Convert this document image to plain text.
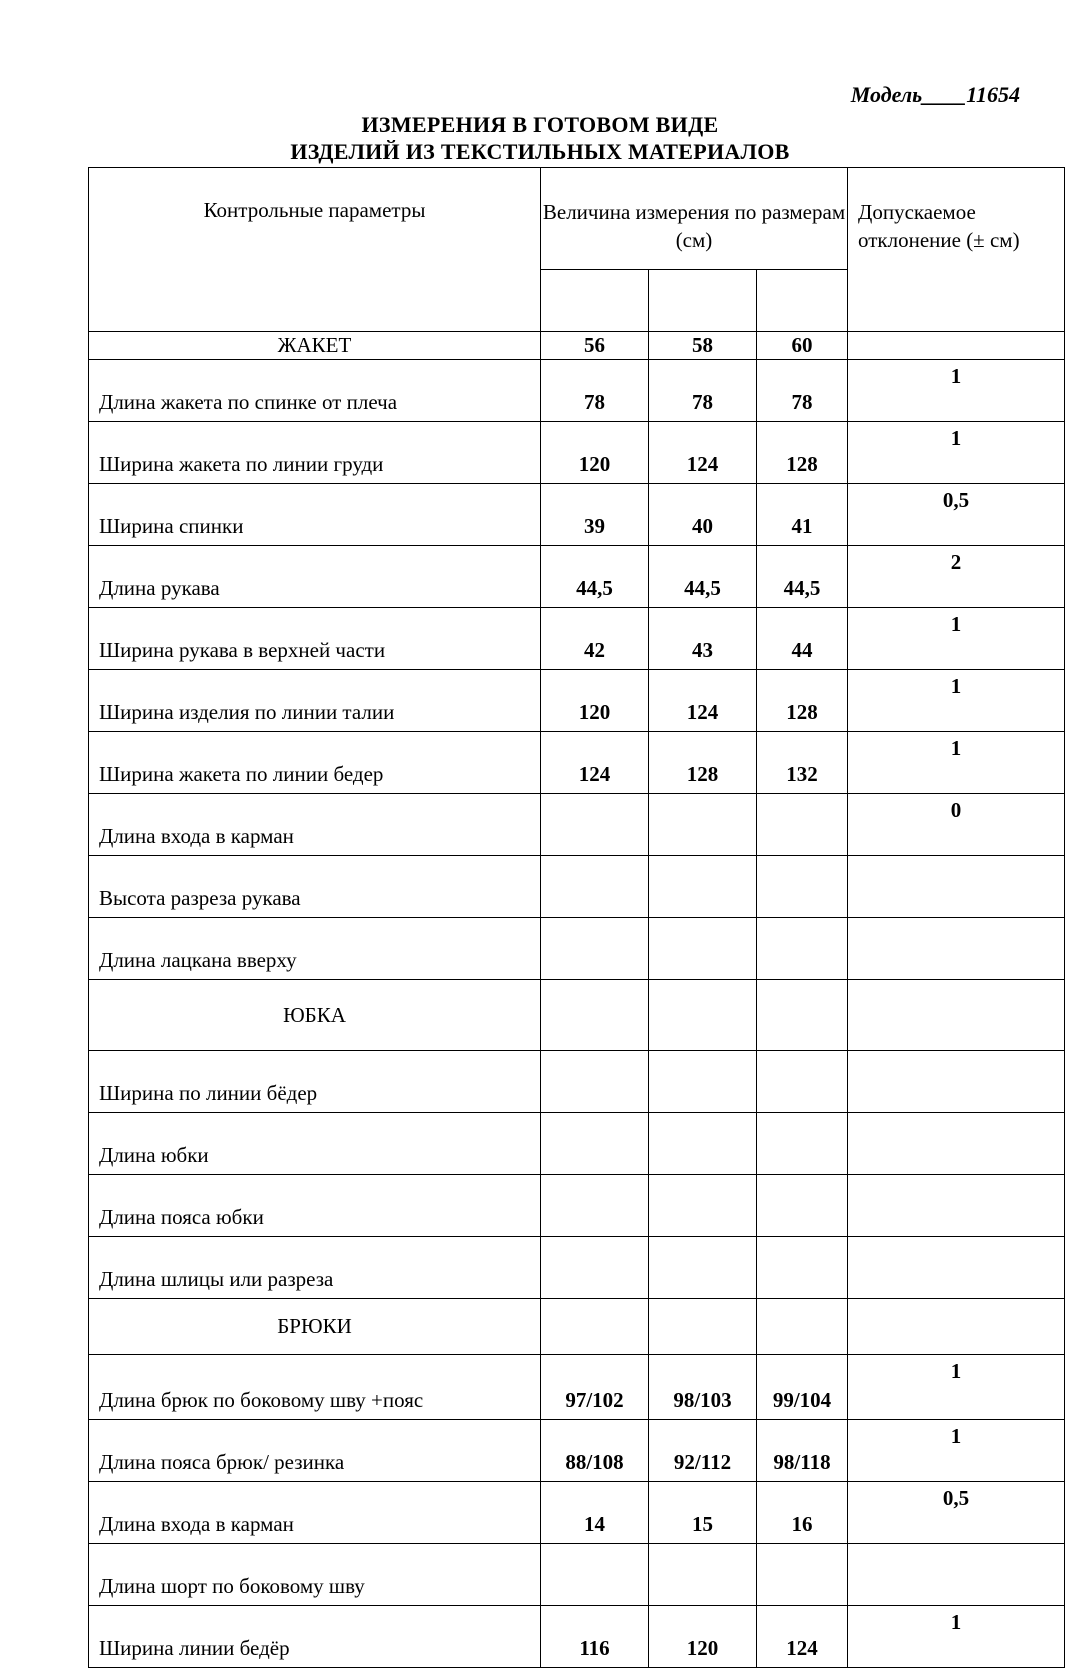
Модель____11654
ИЗМЕРЕНИЯ В ГОТОВОМ ВИДЕ
ИЗДЕЛИЙ ИЗ ТЕКСТИЛЬНЫХ МАТЕРИАЛОВ
Контрольные параметры	Величина измерения по размерам (см)			Допускаемое отклонение (± см)

ЖАКЕТ	56	58	60	
Длина жакета по спинке от плеча	78	78	78	1
Ширина жакета по линии груди	120	124	128	1
Ширина спинки	39	40	41	0,5
Длина рукава	44,5	44,5	44,5	2
Ширина рукава в верхней части	42	43	44	1
Ширина изделия по линии талии	120	124	128	1
Ширина жакета по линии бедер	124	128	132	1
Длина входа в карман				0
Высота разреза рукава				
Длина лацкана вверху				
ЮБКА				
Ширина по линии бёдер				
Длина юбки				
Длина пояса юбки				
Длина шлицы или разреза				
БРЮКИ				
Длина брюк по боковому шву +пояс	97/102	98/103	99/104	1
Длина пояса брюк/ резинка	88/108	92/112	98/118	1
Длина входа в карман	14	15	16	0,5
Длина шорт по боковому шву				
Ширина линии бедёр	116	120	124	1
